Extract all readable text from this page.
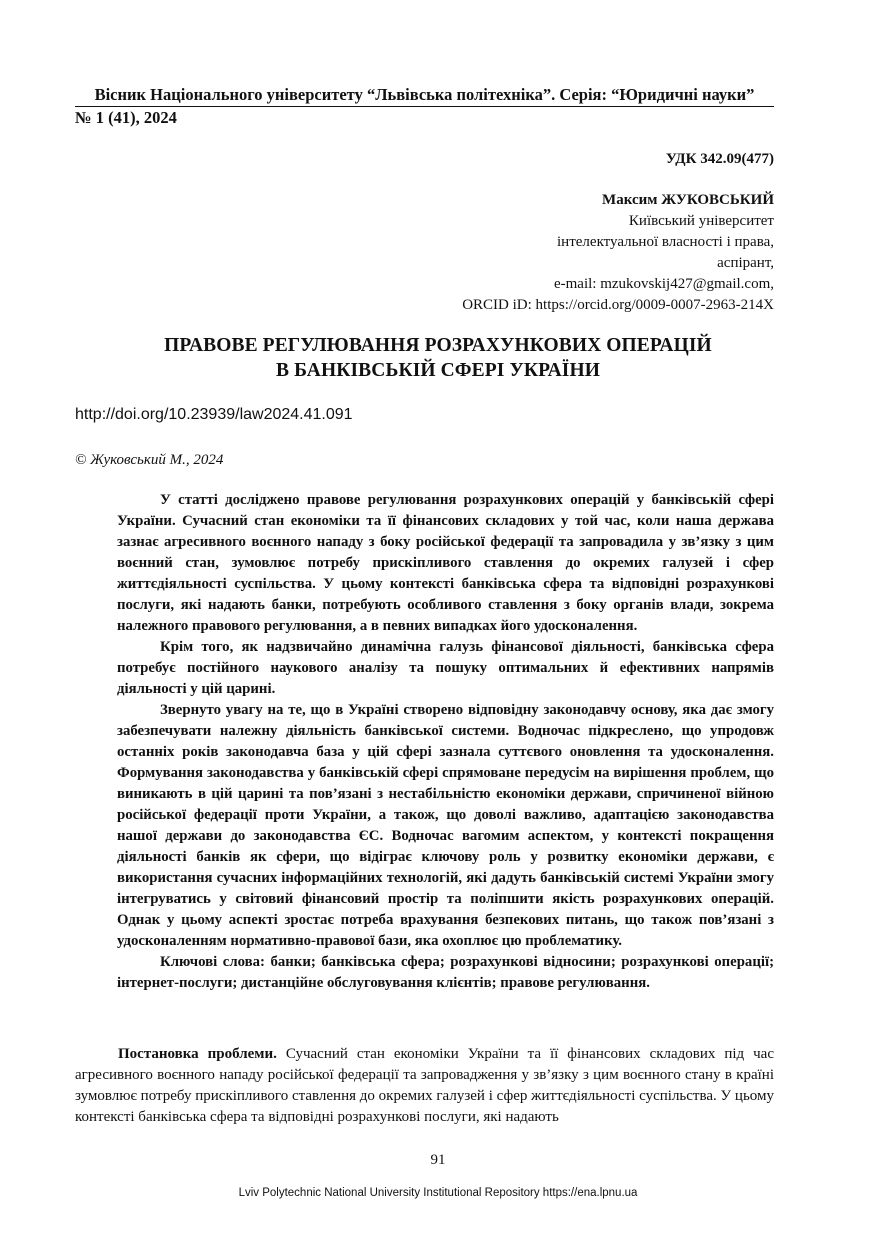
Вісник Національного університету “Львівська політехніка”. Серія: “Юридичні науки”
№ 1 (41), 2024
УДК 342.09(477)
Максим ЖУКОВСЬКИЙ
Київський університет
інтелектуальної власності і права,
аспірант,
e-mail: mzukovskij427@gmail.com,
ORCID iD: https://orcid.org/0009-0007-2963-214X
ПРАВОВЕ РЕГУЛЮВАННЯ РОЗРАХУНКОВИХ ОПЕРАЦІЙ
В БАНКІВСЬКІЙ СФЕРІ УКРАЇНИ
http://doi.org/10.23939/law2024.41.091
© Жуковський М., 2024

У статті досліджено правове регулювання розрахункових операцій у банківській сфері України. Сучасний стан економіки та її фінансових складових у той час, коли наша держава зазнає агресивного воєнного нападу з боку російської федерації та запровадила у зв’язку з цим воєнний стан, зумовлює потребу прискіпливого ставлення до окремих галузей і сфер життєдіяльності суспільства. У цьому контексті банківська сфера та відповідні розрахункові послуги, які надають банки, потребують особливого ставлення з боку органів влади, зокрема належного правового регулювання, а в певних випадках його удосконалення.

Крім того, як надзвичайно динамічна галузь фінансової діяльності, банківська сфера потребує постійного наукового аналізу та пошуку оптимальних й ефективних напрямів діяльності у цій царині.

Звернуто увагу на те, що в Україні створено відповідну законодавчу основу, яка дає змогу забезпечувати належну діяльність банківської системи. Водночас підкреслено, що упродовж останніх років законодавча база у цій сфері зазнала суттєвого оновлення та удосконалення. Формування законодавства у банківській сфері спрямоване передусім на вирішення проблем, що виникають в цій царині та пов’язані з нестабільністю економіки держави, спричиненої війною російської федерації проти України, а також, що доволі важливо, адаптацією законодавства нашої держави до законодавства ЄС. Водночас вагомим аспектом, у контексті покращення діяльності банків як сфери, що відіграє ключову роль у розвитку економіки держави, є використання сучасних інформаційних технологій, які дадуть банківській системі України змогу інтегруватись у світовий фінансовий простір та поліпшити якість розрахункових операцій. Однак у цьому аспекті зростає потреба врахування безпекових питань, що також пов’язані з удосконаленням нормативно-правової бази, яка охоплює цю проблематику.

Ключові слова: банки; банківська сфера; розрахункові відносини; розрахункові операції; інтернет-послуги; дистанційне обслуговування клієнтів; правове регулювання.

Постановка проблеми. Сучасний стан економіки України та її фінансових складових під час агресивного воєнного нападу російської федерації та запровадження у зв’язку з цим воєнного стану в країні зумовлює потребу прискіпливого ставлення до окремих галузей і сфер життєдіяльності суспільства. У цьому контексті банківська сфера та відповідні розрахункові послуги, які надають

91
Lviv Polytechnic National University Institutional Repository https://ena.lpnu.ua
